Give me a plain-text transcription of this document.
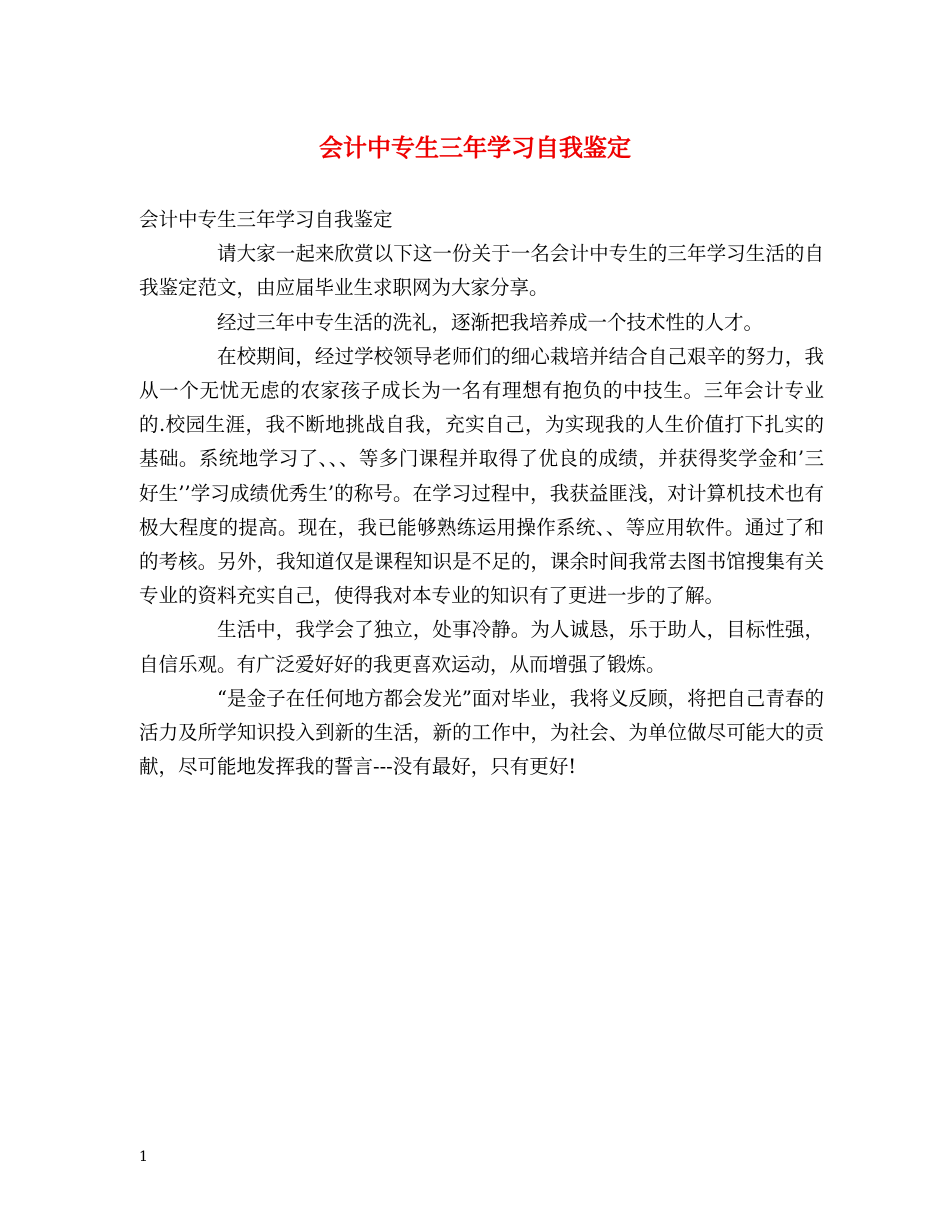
会计中专生三年学习自我鉴定

会计中专生三年学习自我鉴定

请大家一起来欣赏以下这一份关于一名会计中专生的三年学习生活的自我鉴定范文，由应届毕业生求职网为大家分享。

经过三年中专生活的洗礼，逐渐把我培养成一个技术性的人才。

在校期间，经过学校领导老师们的细心栽培并结合自己艰辛的努力，我从一个无忧无虑的农家孩子成长为一名有理想有抱负的中技生。三年会计专业的.校园生涯，我不断地挑战自我，充实自己，为实现我的人生价值打下扎实的基础。系统地学习了、、、等多门课程并取得了优良的成绩，并获得奖学金和’三好生’’学习成绩优秀生’的称号。在学习过程中，我获益匪浅，对计算机技术也有极大程度的提高。现在，我已能够熟练运用操作系统、、等应用软件。通过了和的考核。另外，我知道仅是课程知识是不足的，课余时间我常去图书馆搜集有关专业的资料充实自己，使得我对本专业的知识有了更进一步的了解。

生活中，我学会了独立，处事冷静。为人诚恳，乐于助人，目标性强，自信乐观。有广泛爱好好的我更喜欢运动，从而增强了锻炼。

“是金子在任何地方都会发光”面对毕业，我将义反顾，将把自己青春的活力及所学知识投入到新的生活，新的工作中，为社会、为单位做尽可能大的贡献，尽可能地发挥我的誓言---没有最好，只有更好!

1
